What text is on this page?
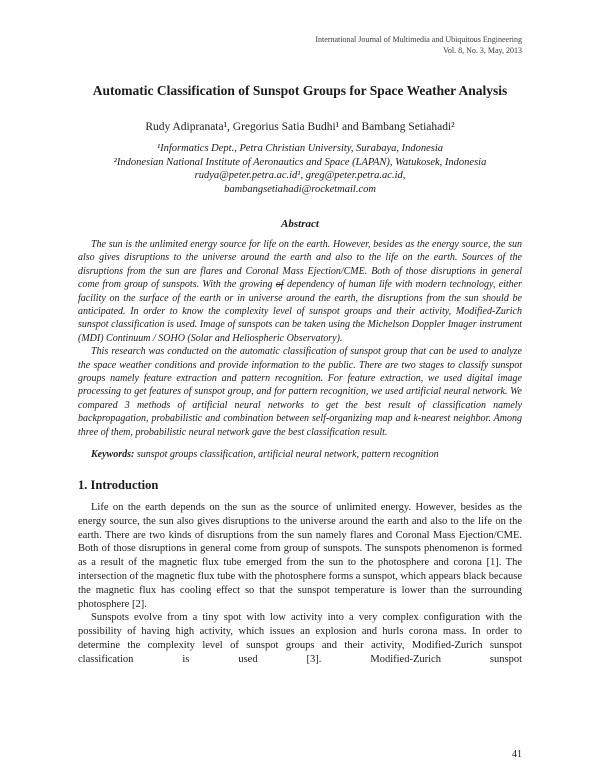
International Journal of Multimedia and Ubiquitous Engineering
Vol. 8, No. 3, May, 2013
Automatic Classification of Sunspot Groups for Space Weather Analysis
Rudy Adipranata¹, Gregorius Satia Budhi¹ and Bambang Setiahadi²
¹Informatics Dept., Petra Christian University, Surabaya, Indonesia
²Indonesian National Institute of Aeronautics and Space (LAPAN), Watukosek, Indonesia
rudya@peter.petra.ac.id¹, greg@peter.petra.ac.id,
bambangsetiahadi@rocketmail.com
Abstract

The sun is the unlimited energy source for life on the earth. However, besides as the energy source, the sun also gives disruptions to the universe around the earth and also to the life on the earth. Sources of the disruptions from the sun are flares and Coronal Mass Ejection/CME. Both of those disruptions in general come from group of sunspots. With the growing of dependency of human life with modern technology, either facility on the surface of the earth or in universe around the earth, the disruptions from the sun should be anticipated. In order to know the complexity level of sunspot groups and their activity, Modified-Zurich sunspot classification is used. Image of sunspots can be taken using the Michelson Doppler Imager instrument (MDI) Continuum / SOHO (Solar and Heliospheric Observatory).

This research was conducted on the automatic classification of sunspot group that can be used to analyze the space weather conditions and provide information to the public. There are two stages to classify sunspot groups namely feature extraction and pattern recognition. For feature extraction, we used digital image processing to get features of sunspot group, and for pattern recognition, we used artificial neural network. We compared 3 methods of artificial neural networks to get the best result of classification namely backpropagation, probabilistic and combination between self-organizing map and k-nearest neighbor. Among three of them, probabilistic neural network gave the best classification result.

Keywords: sunspot groups classification, artificial neural network, pattern recognition

1. Introduction

Life on the earth depends on the sun as the source of unlimited energy. However, besides as the energy source, the sun also gives disruptions to the universe around the earth and also to the life on the earth. There are two kinds of disruptions from the sun namely flares and Coronal Mass Ejection/CME. Both of those disruptions in general come from group of sunspots. The sunspots phenomenon is formed as a result of the magnetic flux tube emerged from the sun to the photosphere and corona [1]. The intersection of the magnetic flux tube with the photosphere forms a sunspot, which appears black because the magnetic flux has cooling effect so that the sunspot temperature is lower than the surrounding photosphere [2].

Sunspots evolve from a tiny spot with low activity into a very complex configuration with the possibility of having high activity, which issues an explosion and hurls corona mass. In order to determine the complexity level of sunspot groups and their activity, Modified-Zurich sunspot classification is used [3]. Modified-Zurich sunspot

41
